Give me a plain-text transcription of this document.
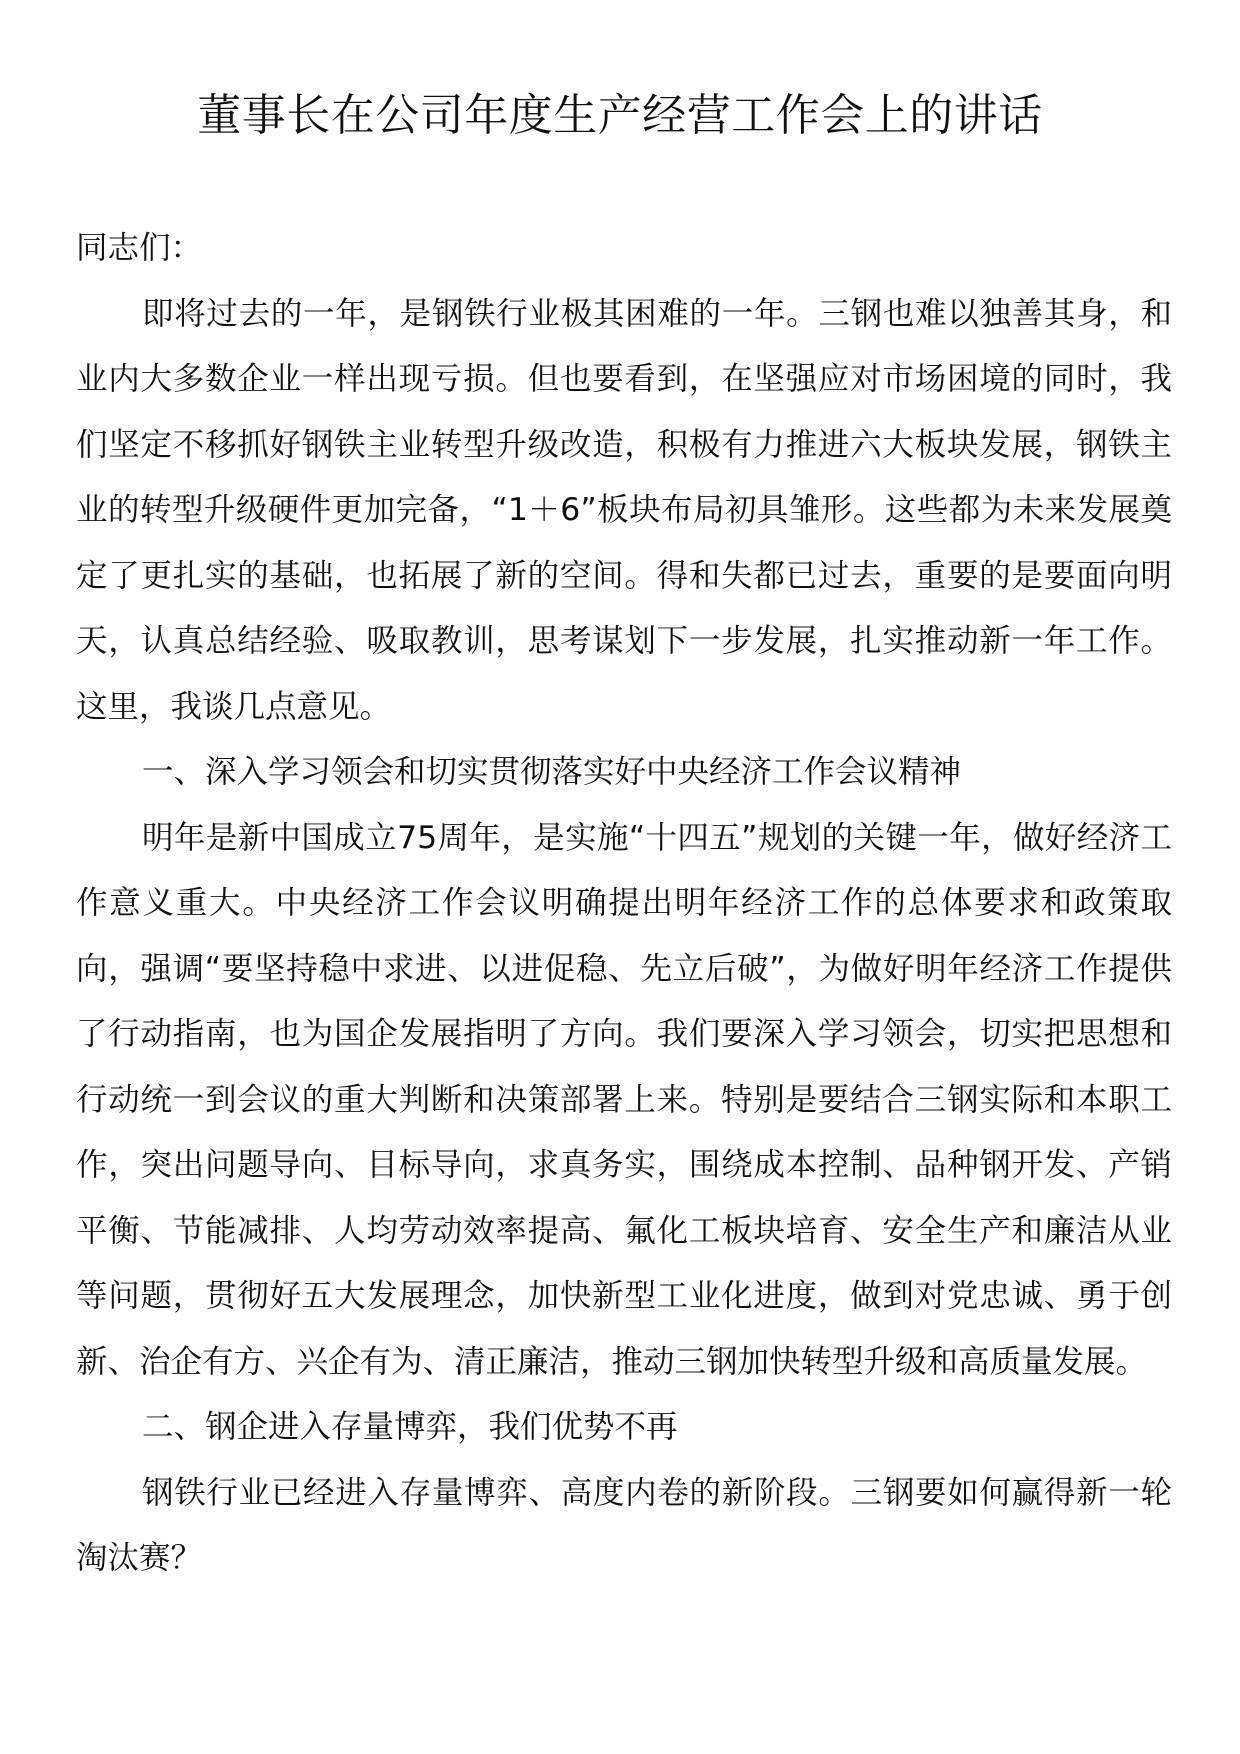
董事长在公司年度生产经营工作会上的讲话

同志们：

即将过去的一年，是钢铁行业极其困难的一年。三钢也难以独善其身，和业内大多数企业一样出现亏损。但也要看到，在坚强应对市场困境的同时，我们坚定不移抓好钢铁主业转型升级改造，积极有力推进六大板块发展，钢铁主业的转型升级硬件更加完备，“1＋6”板块布局初具雏形。这些都为未来发展奠定了更扎实的基础，也拓展了新的空间。得和失都已过去，重要的是要面向明天，认真总结经验、吸取教训，思考谋划下一步发展，扎实推动新一年工作。这里，我谈几点意见。

一、深入学习领会和切实贯彻落实好中央经济工作会议精神

明年是新中国成立75周年，是实施“十四五”规划的关键一年，做好经济工作意义重大。中央经济工作会议明确提出明年经济工作的总体要求和政策取向，强调“要坚持稳中求进、以进促稳、先立后破”，为做好明年经济工作提供了行动指南，也为国企发展指明了方向。我们要深入学习领会，切实把思想和行动统一到会议的重大判断和决策部署上来。特别是要结合三钢实际和本职工作，突出问题导向、目标导向，求真务实，围绕成本控制、品种钢开发、产销平衡、节能减排、人均劳动效率提高、氟化工板块培育、安全生产和廉洁从业等问题，贯彻好五大发展理念，加快新型工业化进度，做到对党忠诚、勇于创新、治企有方、兴企有为、清正廉洁，推动三钢加快转型升级和高质量发展。

二、钢企进入存量博弈，我们优势不再

钢铁行业已经进入存量博弈、高度内卷的新阶段。三钢要如何赢得新一轮淘汰赛？
